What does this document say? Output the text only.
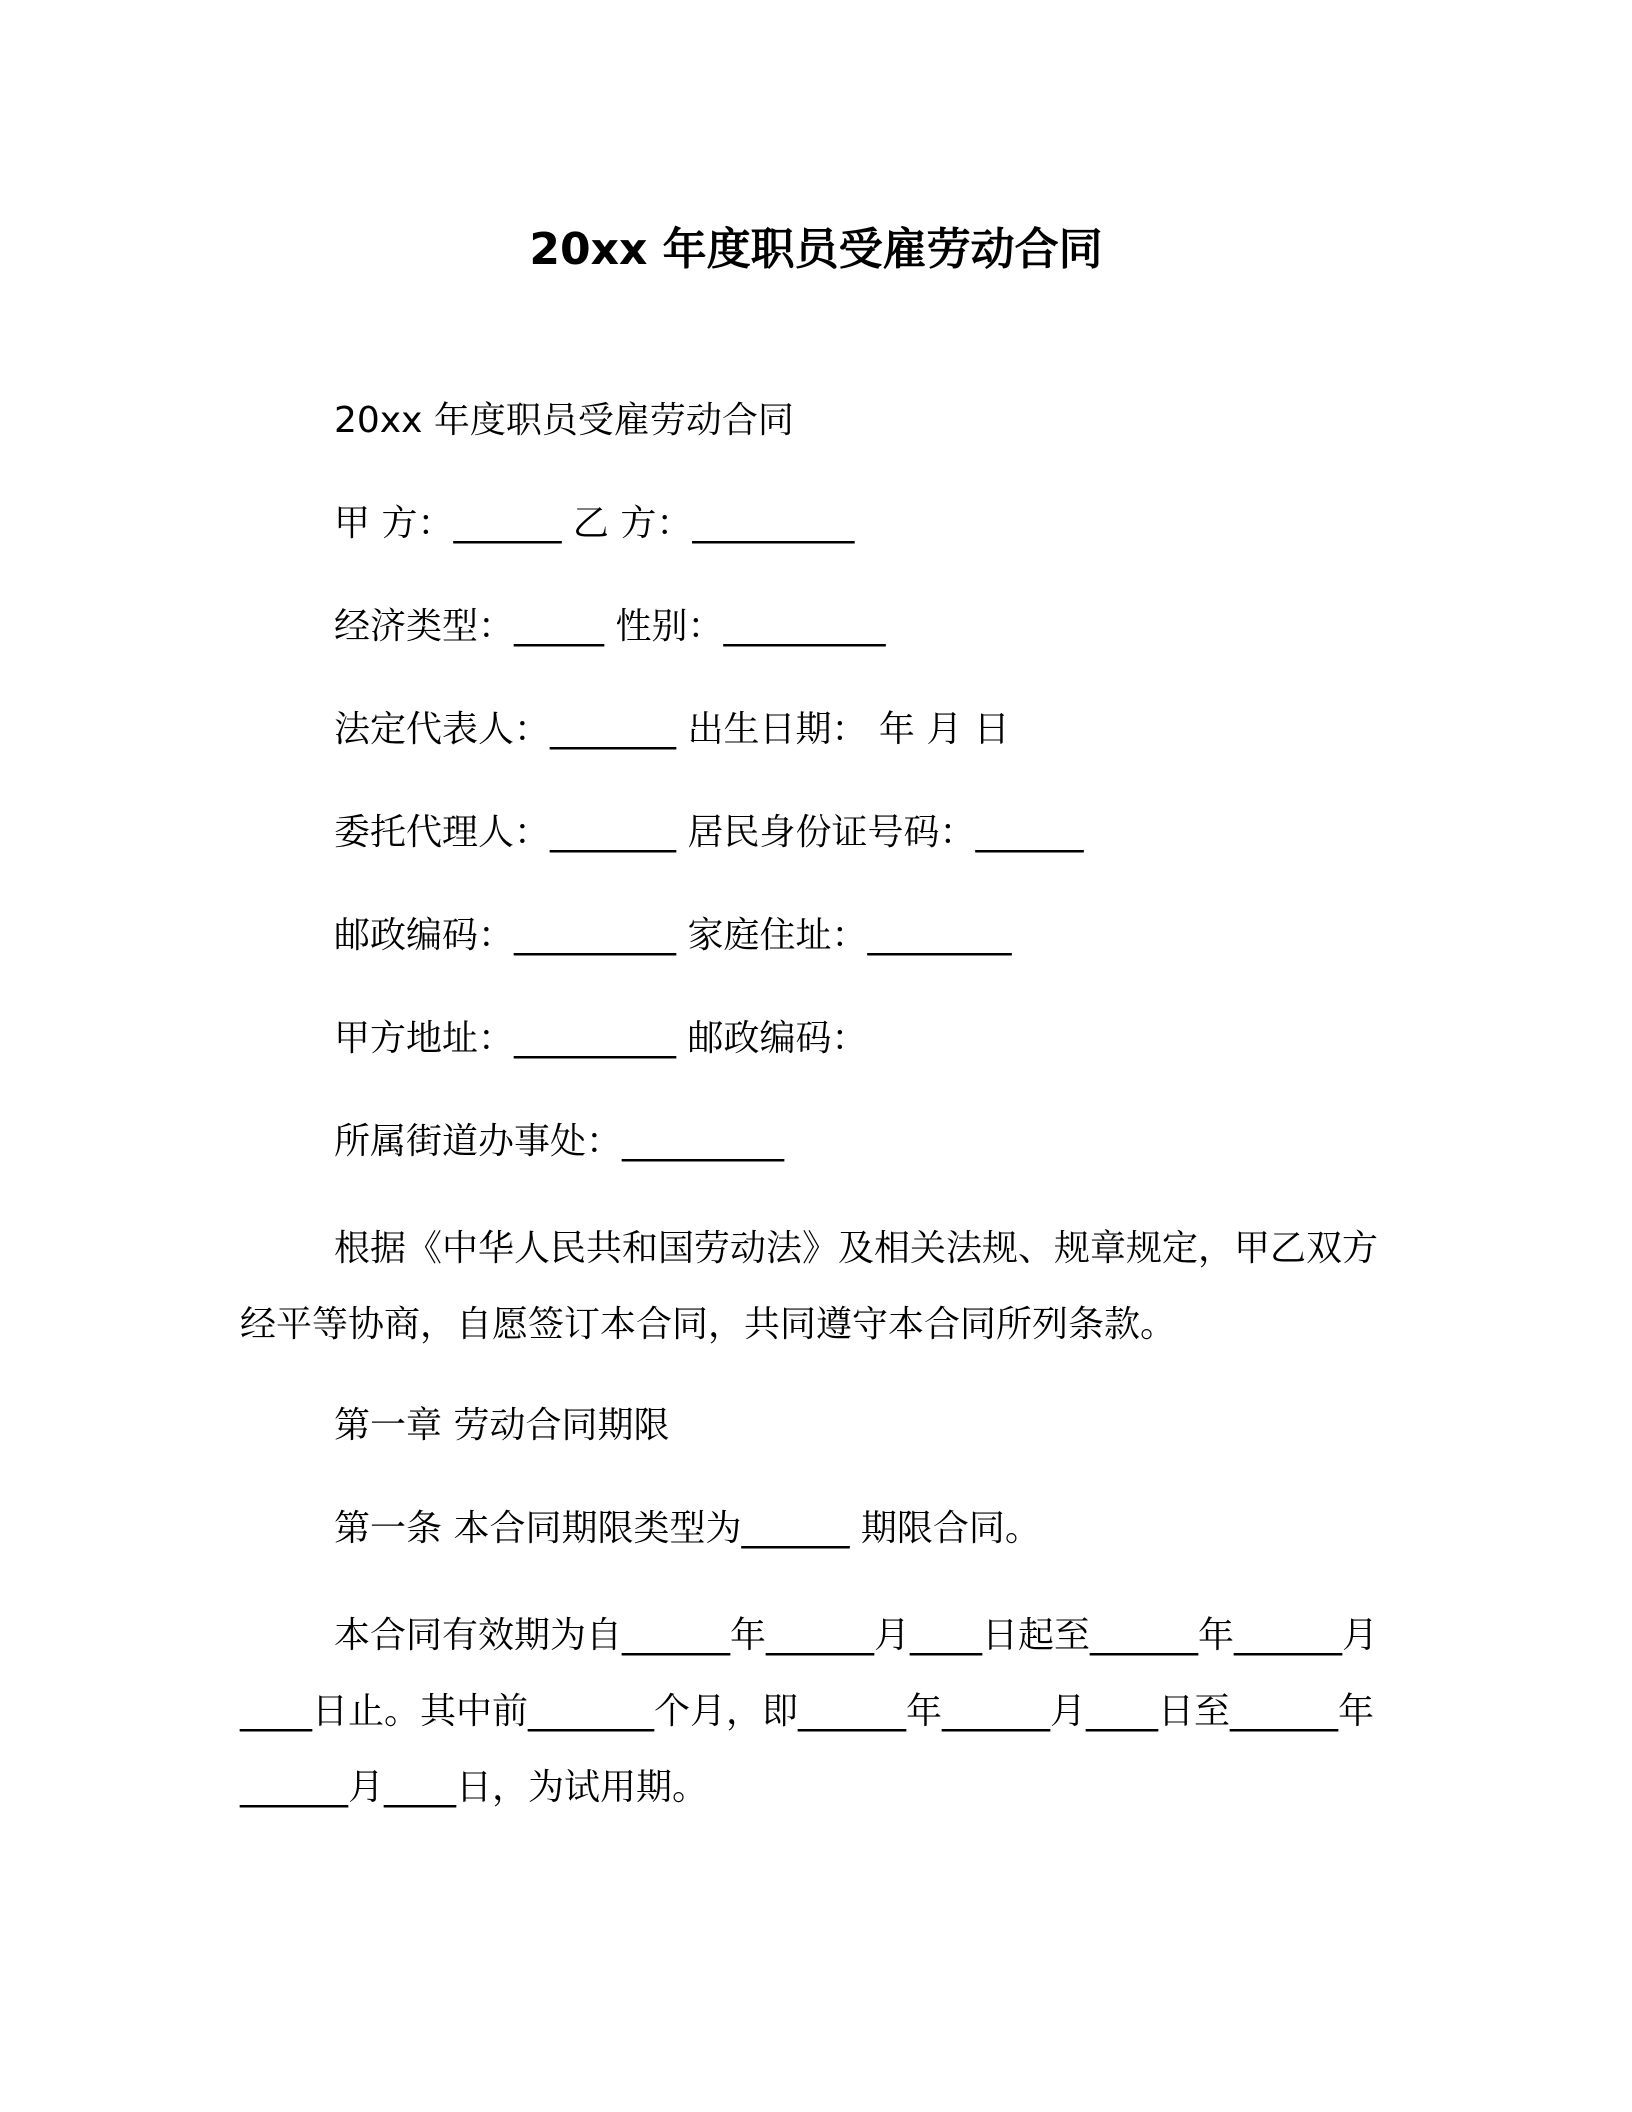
20xx 年度职员受雇劳动合同
20xx 年度职员受雇劳动合同
甲 方：______ 乙 方：_________
经济类型：_____ 性别：_________
法定代表人：_______ 出生日期： 年 月 日
委托代理人：_______ 居民身份证号码：______
邮政编码：_________ 家庭住址：________
甲方地址：_________ 邮政编码：
所属街道办事处：_________
根据《中华人民共和国劳动法》及相关法规、规章规定，甲乙双方经平等协商，自愿签订本合同，共同遵守本合同所列条款。
第一章 劳动合同期限
第一条 本合同期限类型为______ 期限合同。
本合同有效期为自______年______月____日起至______年______月____日止。其中前_______个月，即______年______月____日至______年______月____日，为试用期。
